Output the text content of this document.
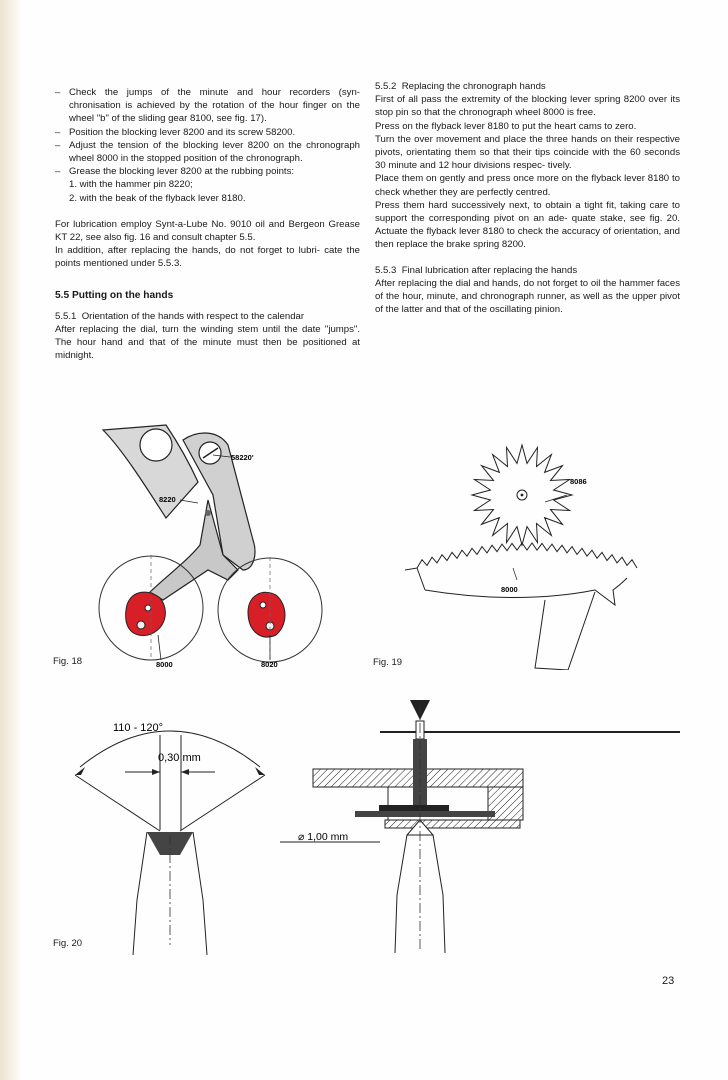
– Check the jumps of the minute and hour recorders (syn- chronisation is achieved by the rotation of the hour finger on the wheel "b" of the sliding gear 8100, see fig. 17).

– Position the blocking lever 8200 and its screw 58200.

– Adjust the tension of the blocking lever 8200 on the chronograph wheel 8000 in the stopped position of the chronograph.

– Grease the blocking lever 8200 at the rubbing points:

1. with the hammer pin 8220;

2. with the beak of the flyback lever 8180.

For lubrication employ Synt-a-Lube No. 9010 oil and Bergeon Grease KT 22, see also fig. 16 and consult chapter 5.5.

In addition, after replacing the hands, do not forget to lubri- cate the points mentioned under 5.5.3.

5.5 Putting on the hands

5.5.1 Orientation of the hands with respect to the calendar

After replacing the dial, turn the winding stem until the date "jumps". The hour hand and that of the minute must then be positioned at midnight.

5.5.2 Replacing the chronograph hands

First of all pass the extremity of the blocking lever spring 8200 over its stop pin so that the chronograph wheel 8000 is free.

Press on the flyback lever 8180 to put the heart cams to zero.

Turn the over movement and place the three hands on their respective pivots, orientating them so that their tips coincide with the 60 seconds 30 minute and 12 hour divisions respec- tively.

Place them on gently and press once more on the flyback lever 8180 to check whether they are perfectly centred.

Press them hard successively next, to obtain a tight fit, taking care to support the corresponding pivot on an ade- quate stake, see fig. 20. Actuate the flyback lever 8180 to check the accuracy of orientation, and then replace the brake spring 8200.

5.5.3 Final lubrication after replacing the hands

After replacing the dial and hands, do not forget to oil the hammer faces of the hour, minute, and chronograph runner, as well as the upper pivot of the latter and that of the oscillating pinion.

58220'
8220
8000	8020
Fig. 18
8086
8000
Fig. 19
110 - 120°
0,30 mm
⌀ 1,00 mm
Fig. 20
23
